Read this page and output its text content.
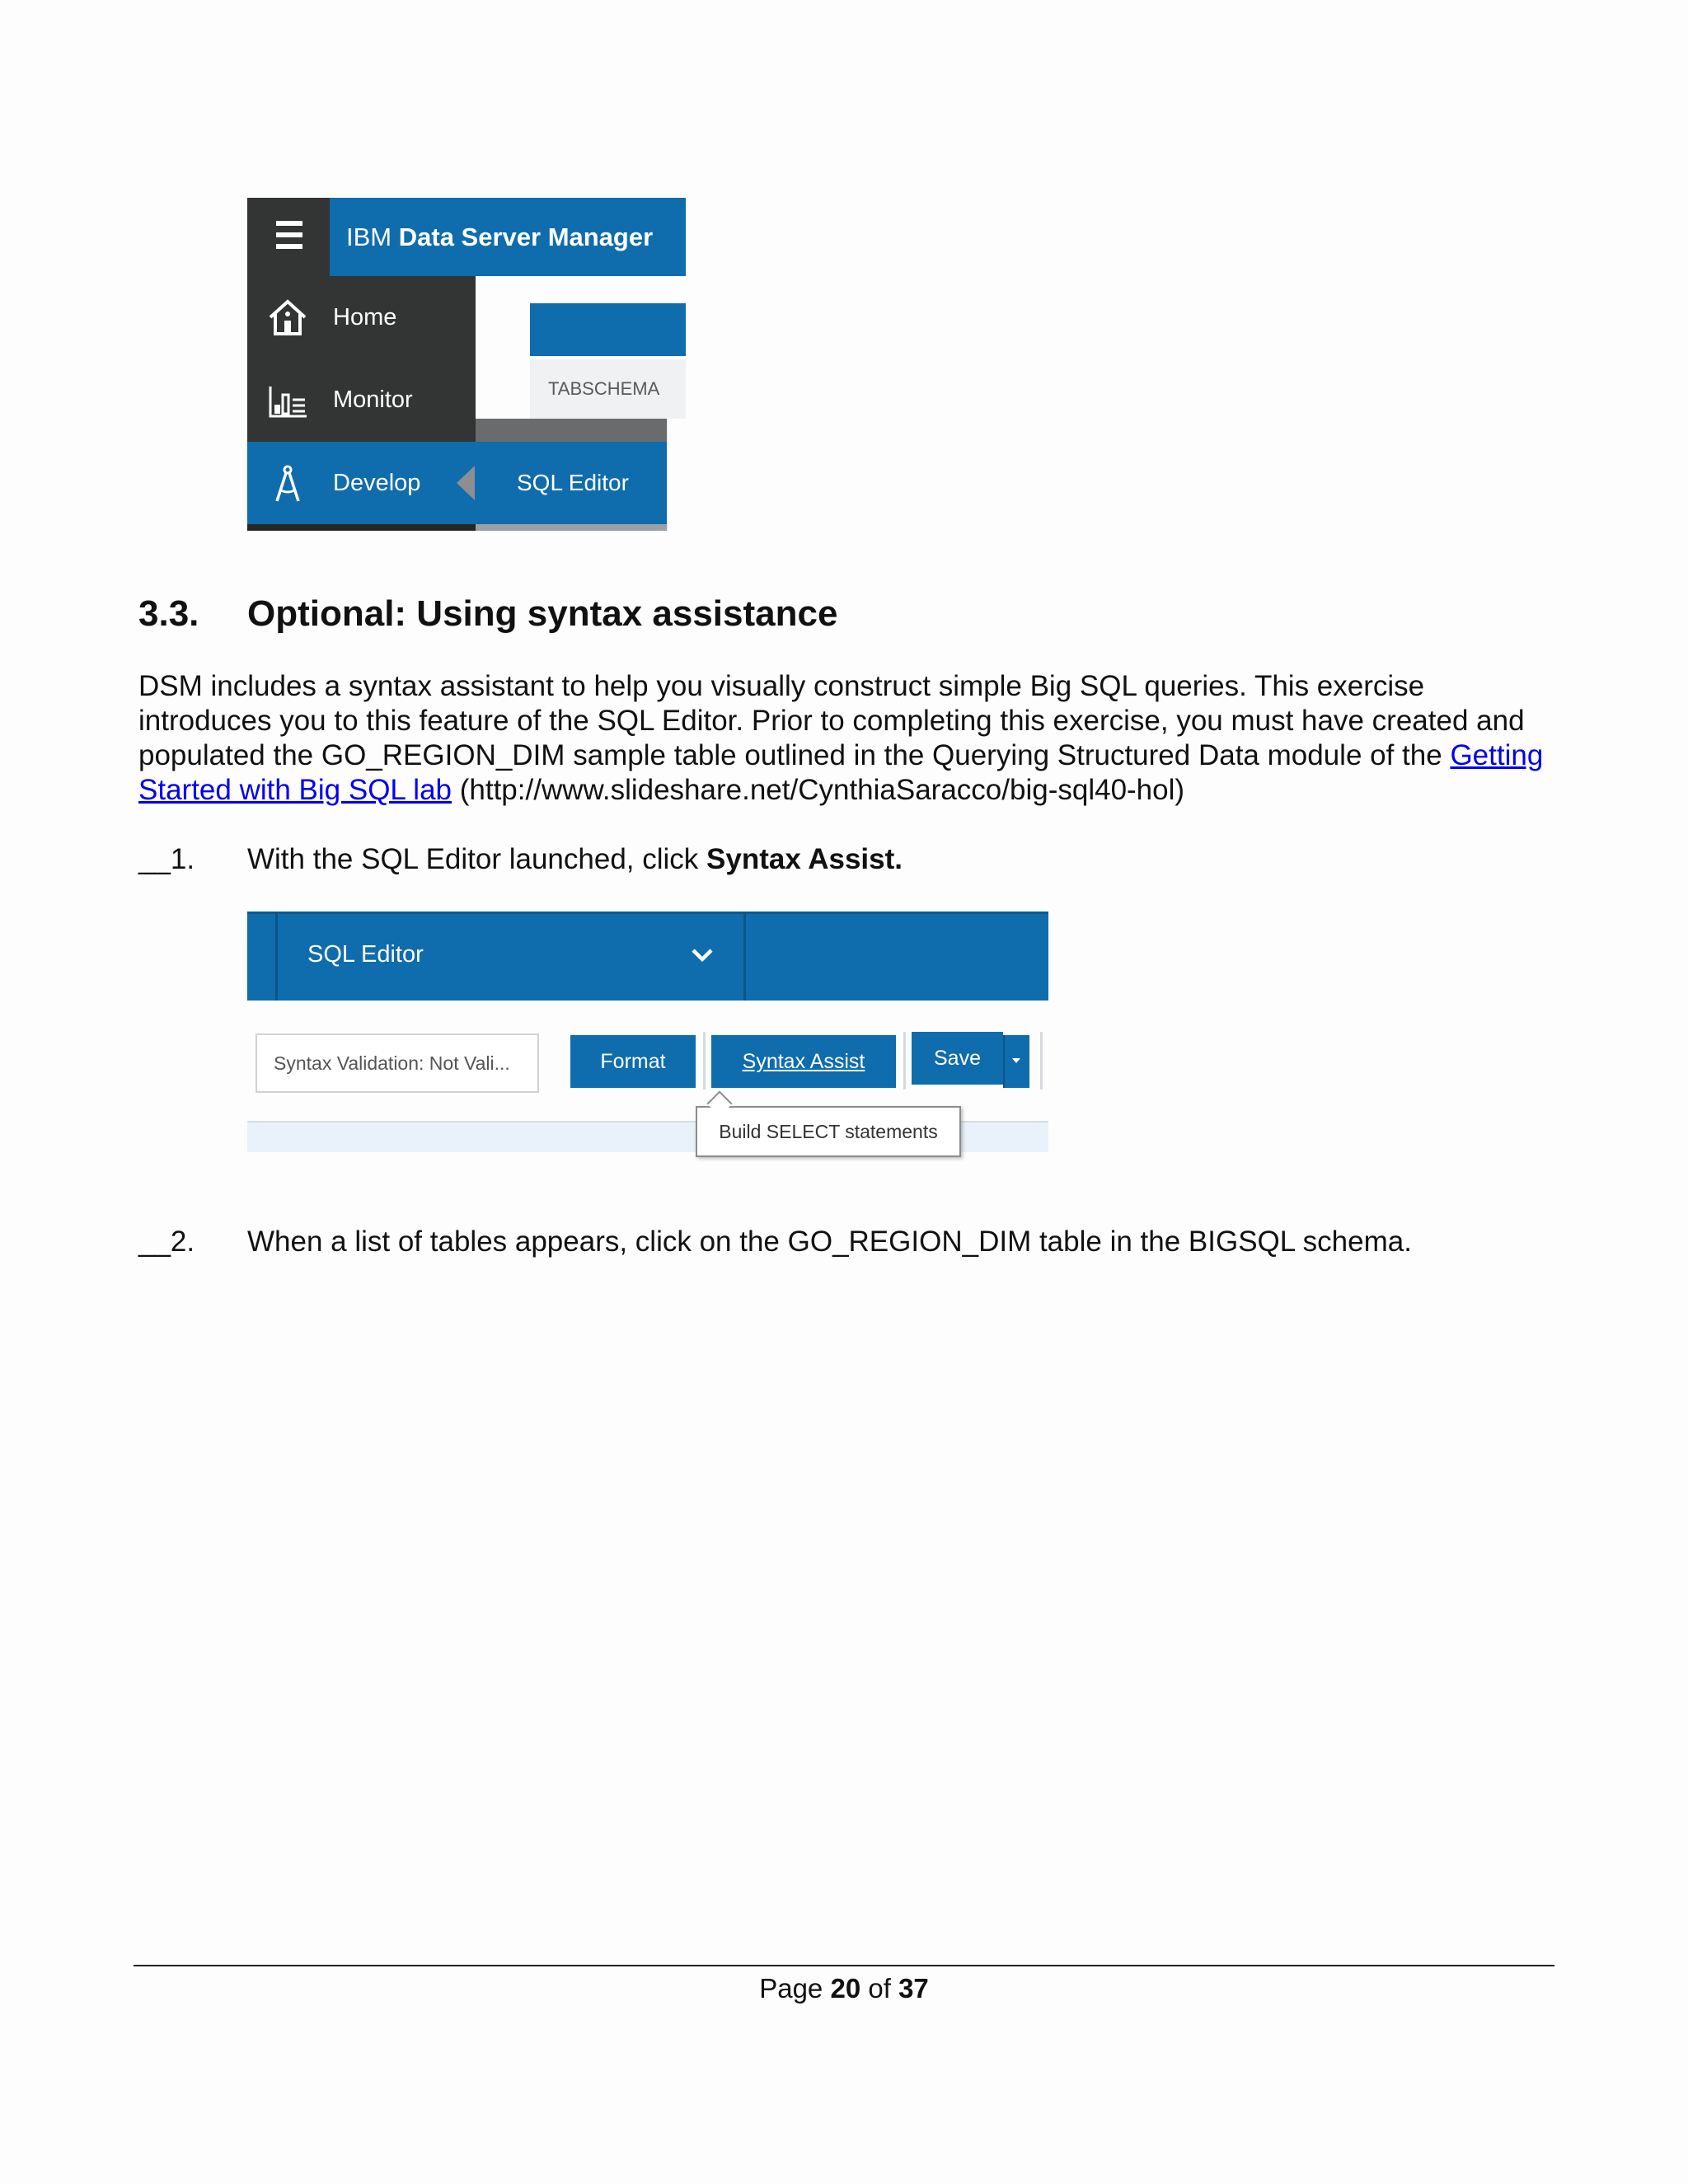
IBM Data Server Manager
Home
Monitor
Develop
TABSCHEMA
SQL Editor
3.3. Optional: Using syntax assistance
DSM includes a syntax assistant to help you visually construct simple Big SQL queries. This exercise introduces you to this feature of the SQL Editor. Prior to completing this exercise, you must have created and populated the GO_REGION_DIM sample table outlined in the Querying Structured Data module of the Getting Started with Big SQL lab (http://www.slideshare.net/CynthiaSaracco/big-sql40-hol)
__1. With the SQL Editor launched, click Syntax Assist.
SQL Editor
Syntax Validation: Not Vali...	Format	Syntax Assist	Save
Build SELECT statements
__2. When a list of tables appears, click on the GO_REGION_DIM table in the BIGSQL schema.
Page 20 of 37
